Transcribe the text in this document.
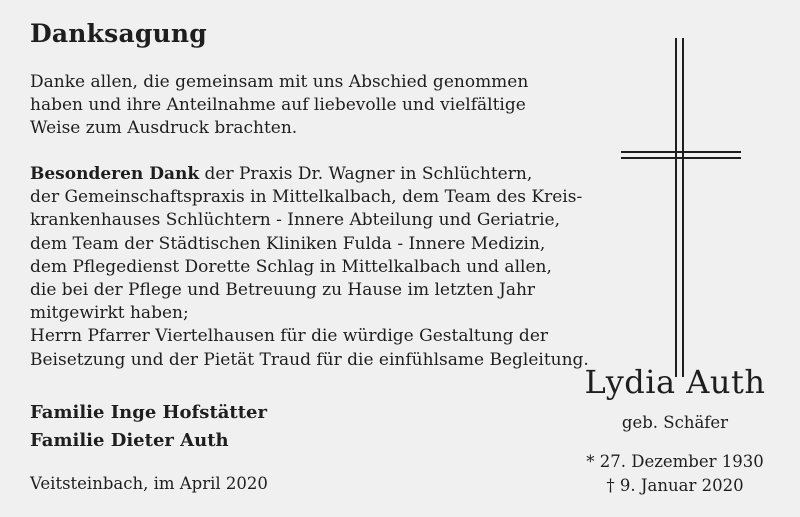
Danksagung
Danke allen, die gemeinsam mit uns Abschied genommen
haben und ihre Anteilnahme auf liebevolle und vielfältige
Weise zum Ausdruck brachten.
Besonderen Dank der Praxis Dr. Wagner in Schlüchtern,
der Gemeinschaftspraxis in Mittelkalbach, dem Team des Kreis-
krankenhauses Schlüchtern - Innere Abteilung und Geriatrie,
dem Team der Städtischen Kliniken Fulda - Innere Medizin,
dem Pflegedienst Dorette Schlag in Mittelkalbach und allen,
die bei der Pflege und Betreuung zu Hause im letzten Jahr
mitgewirkt haben;
Herrn Pfarrer Viertelhausen für die würdige Gestaltung der
Beisetzung und der Pietät Traud für die einfühlsame Begleitung.
Familie Inge Hofstätter
Familie Dieter Auth
Veitsteinbach, im April 2020
Lydia Auth
geb. Schäfer
* 27. Dezember 1930
† 9. Januar 2020
